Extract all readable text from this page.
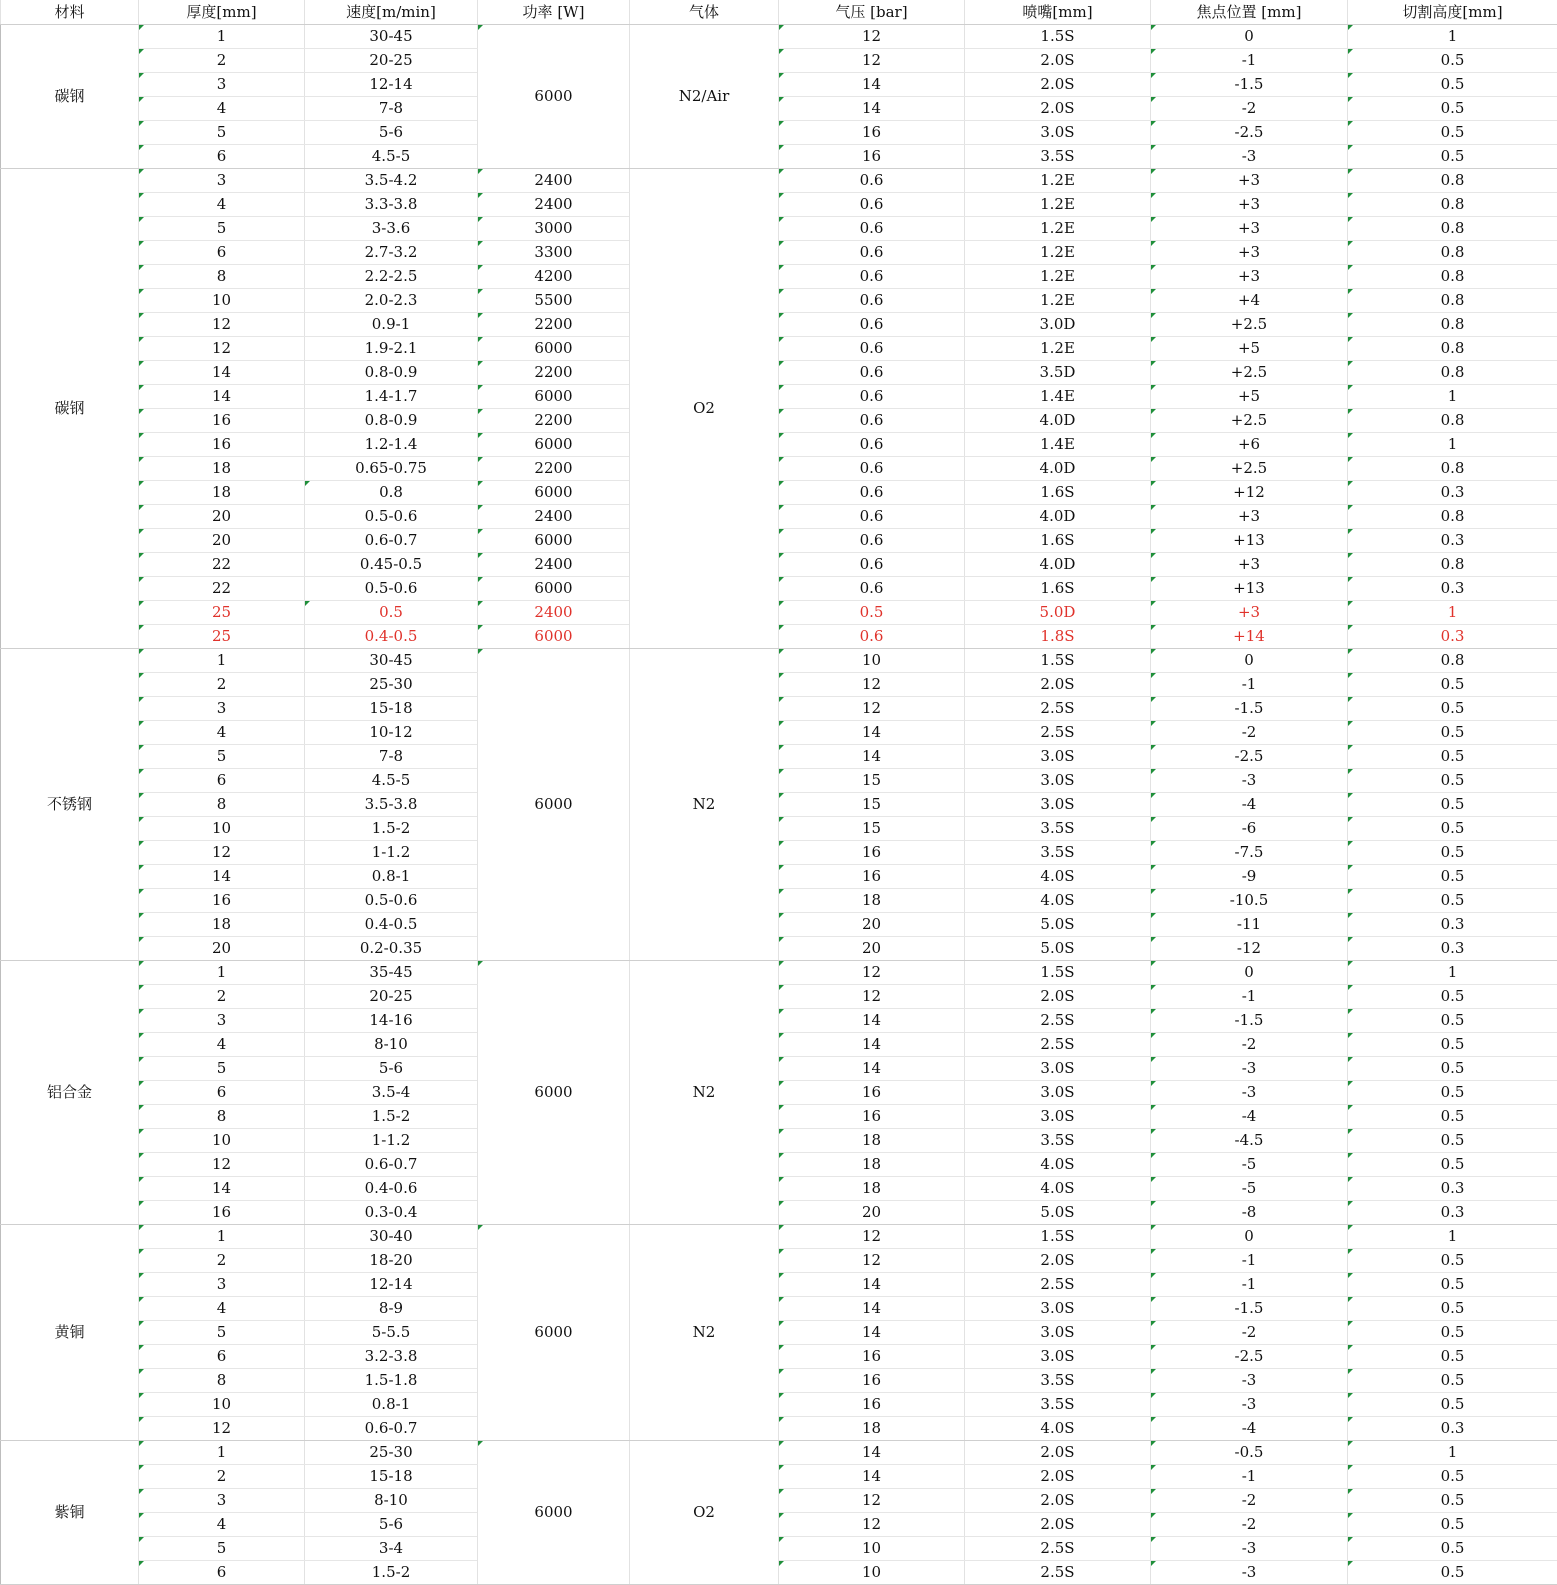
材料	厚度[mm]	速度[m/min]	功率 [W]	气体	气压 [bar]	喷嘴[mm]	焦点位置 [mm]	切割高度[mm]
碳钢	1	30-45	6000	N2/Air	12	1.5S	0	1
	2	20-25			12	2.0S	-1	0.5
	3	12-14			14	2.0S	-1.5	0.5
	4	7-8			14	2.0S	-2	0.5
	5	5-6			16	3.0S	-2.5	0.5
	6	4.5-5			16	3.5S	-3	0.5
碳钢	3	3.5-4.2	2400	O2	0.6	1.2E	+3	0.8
	4	3.3-3.8	2400		0.6	1.2E	+3	0.8
	5	3-3.6	3000		0.6	1.2E	+3	0.8
	6	2.7-3.2	3300		0.6	1.2E	+3	0.8
	8	2.2-2.5	4200		0.6	1.2E	+3	0.8
	10	2.0-2.3	5500		0.6	1.2E	+4	0.8
	12	0.9-1	2200		0.6	3.0D	+2.5	0.8
	12	1.9-2.1	6000		0.6	1.2E	+5	0.8
	14	0.8-0.9	2200		0.6	3.5D	+2.5	0.8
	14	1.4-1.7	6000		0.6	1.4E	+5	1
	16	0.8-0.9	2200		0.6	4.0D	+2.5	0.8
	16	1.2-1.4	6000		0.6	1.4E	+6	1
	18	0.65-0.75	2200		0.6	4.0D	+2.5	0.8
	18	0.8	6000		0.6	1.6S	+12	0.3
	20	0.5-0.6	2400		0.6	4.0D	+3	0.8
	20	0.6-0.7	6000		0.6	1.6S	+13	0.3
	22	0.45-0.5	2400		0.6	4.0D	+3	0.8
	22	0.5-0.6	6000		0.6	1.6S	+13	0.3
	25	0.5	2400		0.5	5.0D	+3	1
	25	0.4-0.5	6000		0.6	1.8S	+14	0.3
不锈钢	1	30-45	6000	N2	10	1.5S	0	0.8
	2	25-30			12	2.0S	-1	0.5
	3	15-18			12	2.5S	-1.5	0.5
	4	10-12			14	2.5S	-2	0.5
	5	7-8			14	3.0S	-2.5	0.5
	6	4.5-5			15	3.0S	-3	0.5
	8	3.5-3.8			15	3.0S	-4	0.5
	10	1.5-2			15	3.5S	-6	0.5
	12	1-1.2			16	3.5S	-7.5	0.5
	14	0.8-1			16	4.0S	-9	0.5
	16	0.5-0.6			18	4.0S	-10.5	0.5
	18	0.4-0.5			20	5.0S	-11	0.3
	20	0.2-0.35			20	5.0S	-12	0.3
铝合金	1	35-45	6000	N2	12	1.5S	0	1
	2	20-25			12	2.0S	-1	0.5
	3	14-16			14	2.5S	-1.5	0.5
	4	8-10			14	2.5S	-2	0.5
	5	5-6			14	3.0S	-3	0.5
	6	3.5-4			16	3.0S	-3	0.5
	8	1.5-2			16	3.0S	-4	0.5
	10	1-1.2			18	3.5S	-4.5	0.5
	12	0.6-0.7			18	4.0S	-5	0.5
	14	0.4-0.6			18	4.0S	-5	0.3
	16	0.3-0.4			20	5.0S	-8	0.3
黄铜	1	30-40	6000	N2	12	1.5S	0	1
	2	18-20			12	2.0S	-1	0.5
	3	12-14			14	2.5S	-1	0.5
	4	8-9			14	3.0S	-1.5	0.5
	5	5-5.5			14	3.0S	-2	0.5
	6	3.2-3.8			16	3.0S	-2.5	0.5
	8	1.5-1.8			16	3.5S	-3	0.5
	10	0.8-1			16	3.5S	-3	0.5
	12	0.6-0.7			18	4.0S	-4	0.3
紫铜	1	25-30	6000	O2	14	2.0S	-0.5	1
	2	15-18			14	2.0S	-1	0.5
	3	8-10			12	2.0S	-2	0.5
	4	5-6			12	2.0S	-2	0.5
	5	3-4			10	2.5S	-3	0.5
	6	1.5-2			10	2.5S	-3	0.5
